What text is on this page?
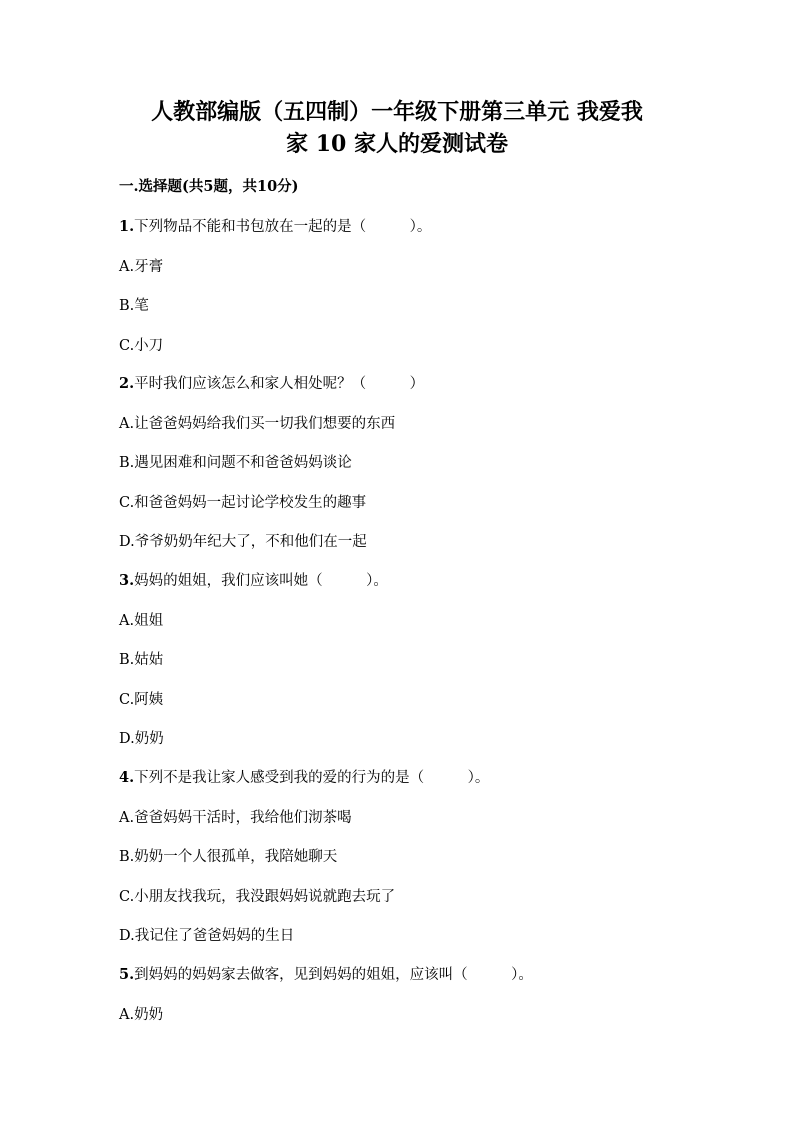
人教部编版（五四制）一年级下册第三单元 我爱我
家 10 家人的爱测试卷
一.选择题(共5题，共10分)
1.下列物品不能和书包放在一起的是（　　　）。
A.牙膏
B.笔
C.小刀
2.平时我们应该怎么和家人相处呢？（　　　）
A.让爸爸妈妈给我们买一切我们想要的东西
B.遇见困难和问题不和爸爸妈妈谈论
C.和爸爸妈妈一起讨论学校发生的趣事
D.爷爷奶奶年纪大了，不和他们在一起
3.妈妈的姐姐，我们应该叫她（　　　）。
A.姐姐
B.姑姑
C.阿姨
D.奶奶
4.下列不是我让家人感受到我的爱的行为的是（　　　）。
A.爸爸妈妈干活时，我给他们沏茶喝
B.奶奶一个人很孤单，我陪她聊天
C.小朋友找我玩，我没跟妈妈说就跑去玩了
D.我记住了爸爸妈妈的生日
5.到妈妈的妈妈家去做客，见到妈妈的姐姐，应该叫（　　　）。
A.奶奶
